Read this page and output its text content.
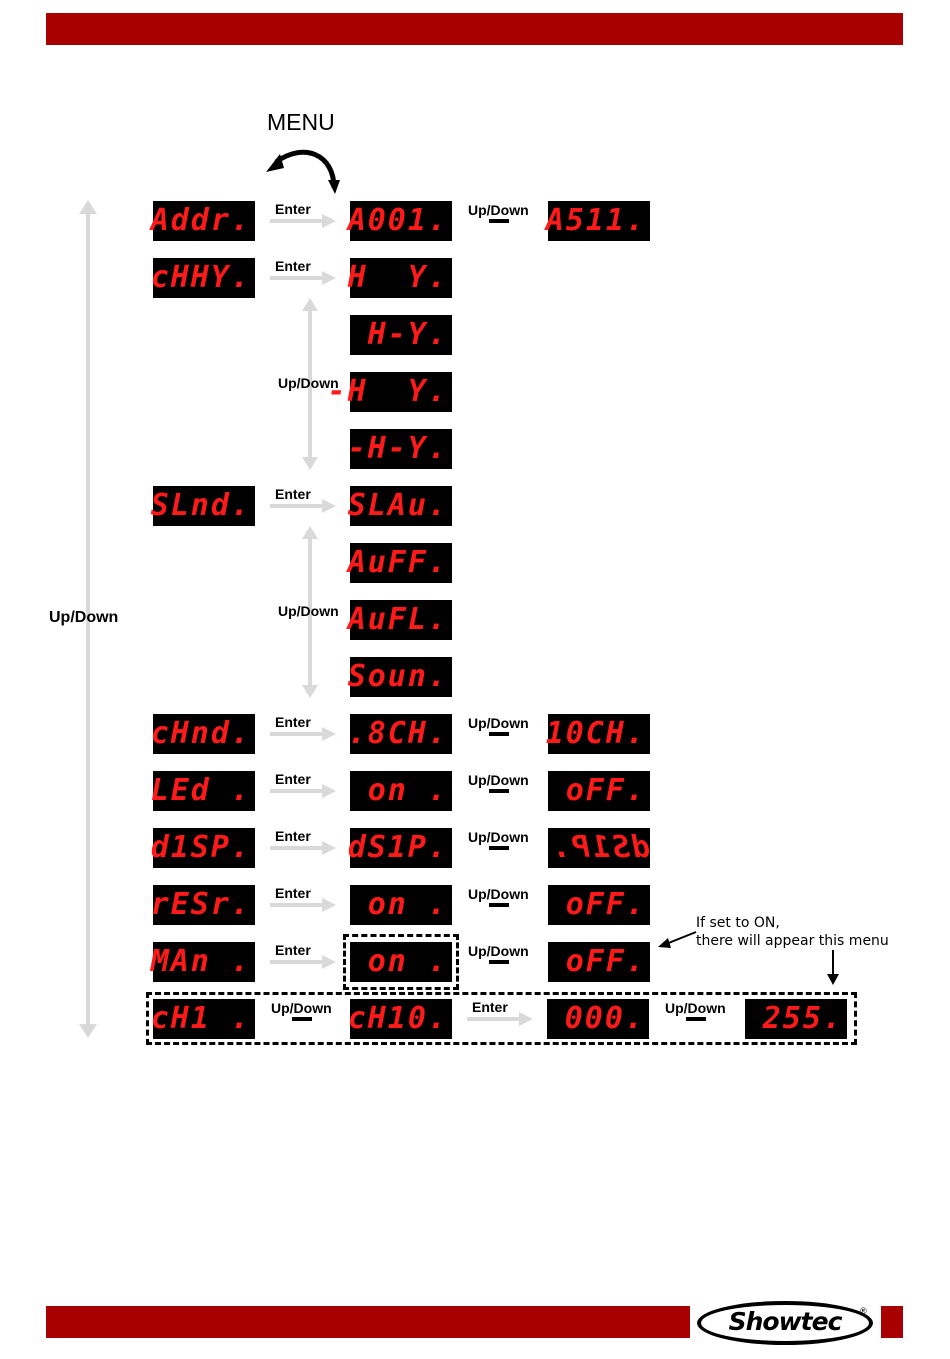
Showtec	®
MENU
Up/Down
Addr. Enter A001. Up/Down A511.
cHHY. Enter H  Y.
H-Y.
-H  Y.
-H-Y.
Up/Down
SLnd. Enter SLAu.
AuFF.
AuFL.
Soun.
Up/Down
cHnd. Enter .8CH. Up/Down 10CH.
LEd . Enter	on . Up/Down	oFF.
d1SP. Enter dS1P. Up/Down dS1P.
rESr. Enter	on . Up/Down	oFF.
MAn . Enter	on . Up/Down	oFF.
If set to ON,
there will appear this menu
cH1 . Up/Down cH10. Enter	000. Up/Down	255.
